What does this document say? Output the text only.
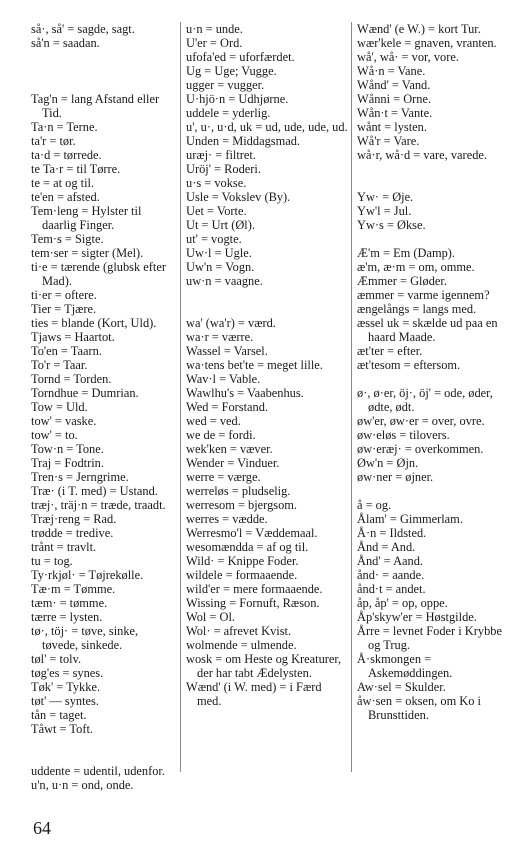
så·, så' = sagde, sagt.
så'n = saadan.
Tag'n = lang Afstand eller Tid.
Ta·n = Terne.
ta'r = tør.
ta·d = tørrede.
te Ta·r = til Tørre.
te = at og til.
te'en = afsted.
Tem·leng = Hylster til daarlig Finger.
Tem·s = Sigte.
tem·ser = sigter (Mel).
ti·e = tærende (glubsk efter Mad).
ti·er = oftere.
Tier = Tjære.
ties = blande (Kort, Uld).
Tjaws = Haartot.
To'en = Taarn.
To'r = Taar.
Tornd = Torden.
Torndhue = Dumrian.
Tow = Uld.
tow' = vaske.
tow' = to.
Tow·n = Tone.
Traj = Fodtrin.
Tren·s = Jerngrime.
Træ· (i T. med) = Ustand.
træj·, träj·n = træde, traadt.
Træj·reng = Rad.
trødde = tredive.
trånt = travlt.
tu = tog.
Ty·rkjøl· = Tøjrekølle.
Tæ·m = Tømme.
tæm· = tømme.
tærre = lysten.
tø·, töj· = tøve, sinke, tøvede, sinkede.
tøl' = tolv.
tøg'es = synes.
Tøk' = Tykke.
tøt' — syntes.
tån = taget.
Tåwt = Toft.
uddente = udentil, udenfor.
u'n, u·n = ond, onde.
u·n = unde.
U'er = Ord.
ufofa'ed = uforfærdet.
Ug = Uge; Vugge.
ugger = vugger.
U·hjö·n = Udhjørne.
uddele = yderlig.
u', u·, u·d, uk = ud, ude, ude, ud.
Unden = Middagsmad.
uræj· = filtret.
Uröj' = Roderi.
u·s = vokse.
Usle = Vokslev (By).
Uet = Vorte.
Ut = Urt (Øl).
ut' = vogte.
Uw·l = Ugle.
Uw'n = Vogn.
uw·n = vaagne.
wa' (wa'r) = værd.
wa·r = værre.
Wassel = Varsel.
wa·tens bet'te = meget lille.
Wav·l = Vable.
Wawlhu's = Vaabenhus.
Wed = Forstand.
wed = ved.
we de = fordi.
wek'ken = væver.
Wender = Vinduer.
werre = værge.
werreløs = pludselig.
werresom = bjergsom.
werres = vædde.
Werresmo'l = Væddemaal.
wesomændda = af og til.
Wild· = Knippe Foder.
wildele = formaaende.
wild'er = mere formaaende.
Wissing = Fornuft, Ræson.
Wol = Ol.
Wol· = afrevet Kvist.
wolmende = ulmende.
wosk = om Heste og Kreaturer, der har tabt Ædelysten.
Wænd' (i W. med) = i Færd med.
Wænd' (e W.) = kort Tur.
wær'kele = gnaven, vranten.
wå', wå· = vor, vore.
Wå·n = Vane.
Wånd' = Vand.
Wånni = Orne.
Wån·t = Vante.
wånt = lysten.
Wå'r = Vare.
wå·r, wå·d = vare, varede.
Yw· = Øje.
Yw'l = Jul.
Yw·s = Økse.
Æ'm = Em (Damp).
æ'm, æ·m = om, omme.
Æmmer = Gløder.
æmmer = varme igennem?
ængelångs = langs med.
æssel uk = skælde ud paa en haard Maade.
æt'ter = efter.
æt'tesom = eftersom.
ø·, ø·er, öj·, öj' = ode, øder, ødte, ødt.
øw'er, øw·er = over, ovre.
øw·eløs = tilovers.
øw·eræj· = overkommen.
Øw'n = Øjn.
øw·ner = øjner.
å = og.
Ålam' = Gimmerlam.
Å·n = Ildsted.
Ånd = And.
Ånd' = Aand.
ånd· = aande.
ånd·t = andet.
åp, åp' = op, oppe.
Åp'skyw'er = Høstgilde.
Årre = levnet Foder i Krybbe og Trug.
Å·skmongen = Askemøddingen.
Aw·sel = Skulder.
åw·sen = oksen, om Ko i Brunsttiden.
64
